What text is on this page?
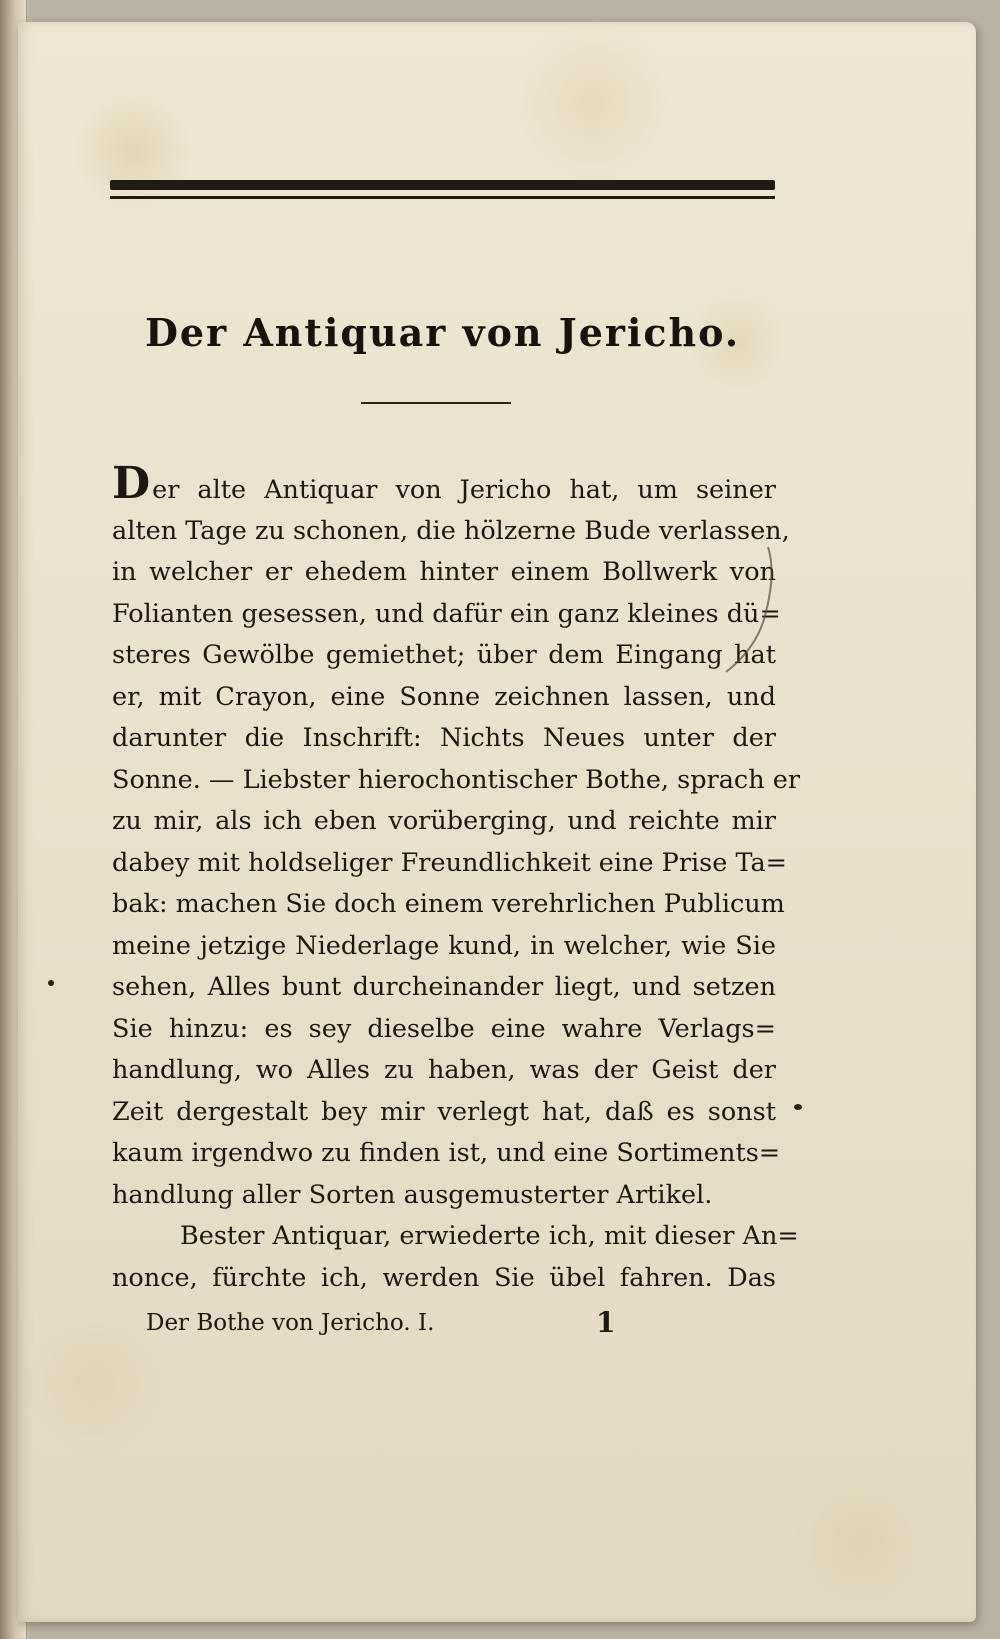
Der Antiquar von Jericho.
Der alte Antiquar von Jericho hat, um seiner
alten Tage zu schonen, die hölzerne Bude verlassen,
in welcher er ehedem hinter einem Bollwerk von
Folianten gesessen, und dafür ein ganz kleines dü=
steres Gewölbe gemiethet; über dem Eingang hat
er, mit Crayon, eine Sonne zeichnen lassen, und
darunter die Inschrift: Nichts Neues unter der
Sonne. — Liebster hierochontischer Bothe, sprach er
zu mir, als ich eben vorüberging, und reichte mir
dabey mit holdseliger Freundlichkeit eine Prise Ta=
bak: machen Sie doch einem verehrlichen Publicum
meine jetzige Niederlage kund, in welcher, wie Sie
sehen, Alles bunt durcheinander liegt, und setzen
Sie hinzu: es sey dieselbe eine wahre Verlags=
handlung, wo Alles zu haben, was der Geist der
Zeit dergestalt bey mir verlegt hat, daß es sonst
kaum irgendwo zu finden ist, und eine Sortiments=
handlung aller Sorten ausgemusterter Artikel.
Bester Antiquar, erwiederte ich, mit dieser An=
nonce, fürchte ich, werden Sie übel fahren. Das
Der Bothe von Jericho. I.	1
